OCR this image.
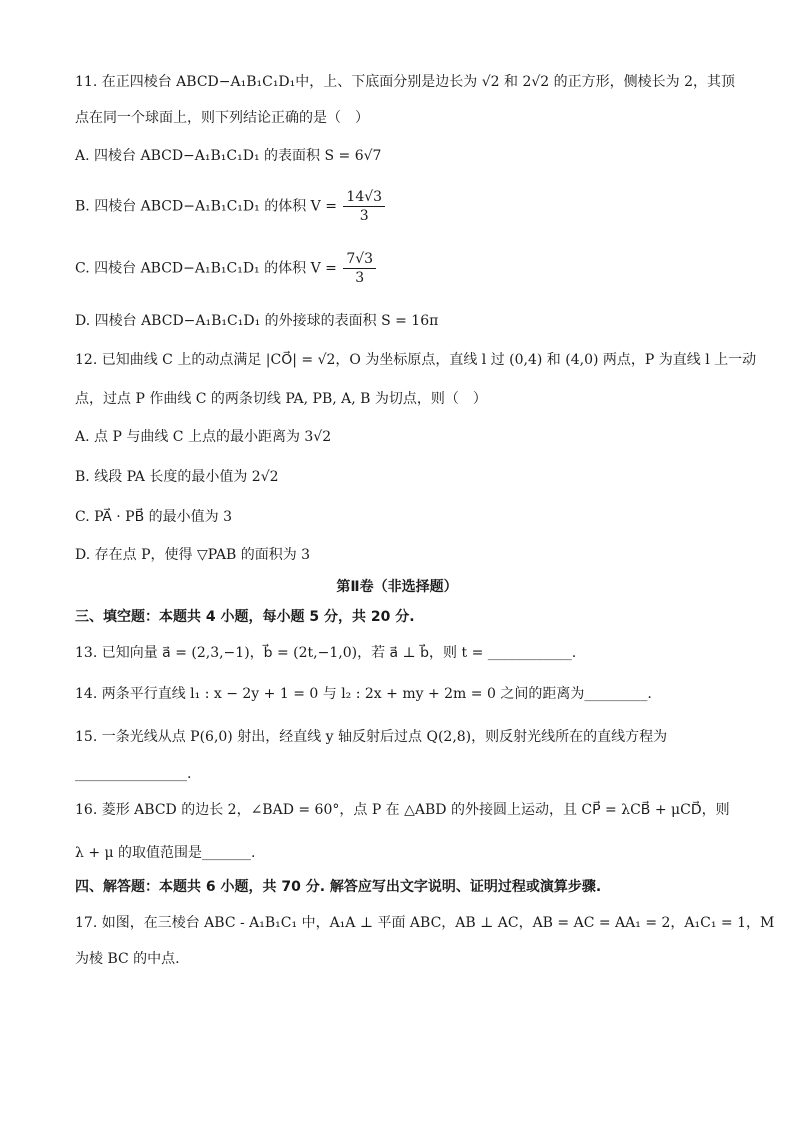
11. 在正四棱台 ABCD−A₁B₁C₁D₁中，上、下底面分别是边长为 √2 和 2√2 的正方形，侧棱长为 2，其顶
点在同一个球面上，则下列结论正确的是（　）
A. 四棱台 ABCD−A₁B₁C₁D₁ 的表面积 S = 6√7
B. 四棱台 ABCD−A₁B₁C₁D₁ 的体积 $V = \frac{14√3}{3}$
C. 四棱台 ABCD−A₁B₁C₁D₁ 的体积 $V = \frac{7√3}{3}$
D. 四棱台 ABCD−A₁B₁C₁D₁ 的外接球的表面积 S = 16π
12. 已知曲线 C 上的动点满足 |CO⃗| = √2，O 为坐标原点，直线 l 过 (0,4) 和 (4,0) 两点，P 为直线 l 上一动
点，过点 P 作曲线 C 的两条切线 PA, PB, A, B 为切点，则（　）
A. 点 P 与曲线 C 上点的最小距离为 3√2
B. 线段 PA 长度的最小值为 2√2
C. PA⃗ · PB⃗ 的最小值为 3
D. 存在点 P，使得 ▽PAB 的面积为 3
第Ⅱ卷（非选择题）
三、填空题：本题共 4 小题，每小题 5 分，共 20 分.
13. 已知向量 a⃗ = (2,3,−1)，b⃗ = (2t,−1,0)，若 a⃗ ⊥ b⃗，则 t = ____________.
14. 两条平行直线 l₁ : x − 2y + 1 = 0 与 l₂ : 2x + my + 2m = 0 之间的距离为_________.
15. 一条光线从点 P(6,0) 射出，经直线 y 轴反射后过点 Q(2,8)，则反射光线所在的直线方程为
________________.
16. 菱形 ABCD 的边长 2，∠BAD = 60°，点 P 在 △ABD 的外接圆上运动，且 CP⃗ = λCB⃗ + μCD⃗，则
λ + μ 的取值范围是_______.
四、解答题：本题共 6 小题，共 70 分. 解答应写出文字说明、证明过程或演算步骤.
17. 如图，在三棱台 ABC - A₁B₁C₁ 中，A₁A ⊥ 平面 ABC，AB ⊥ AC，AB = AC = AA₁ = 2，A₁C₁ = 1，M
为棱 BC 的中点.
